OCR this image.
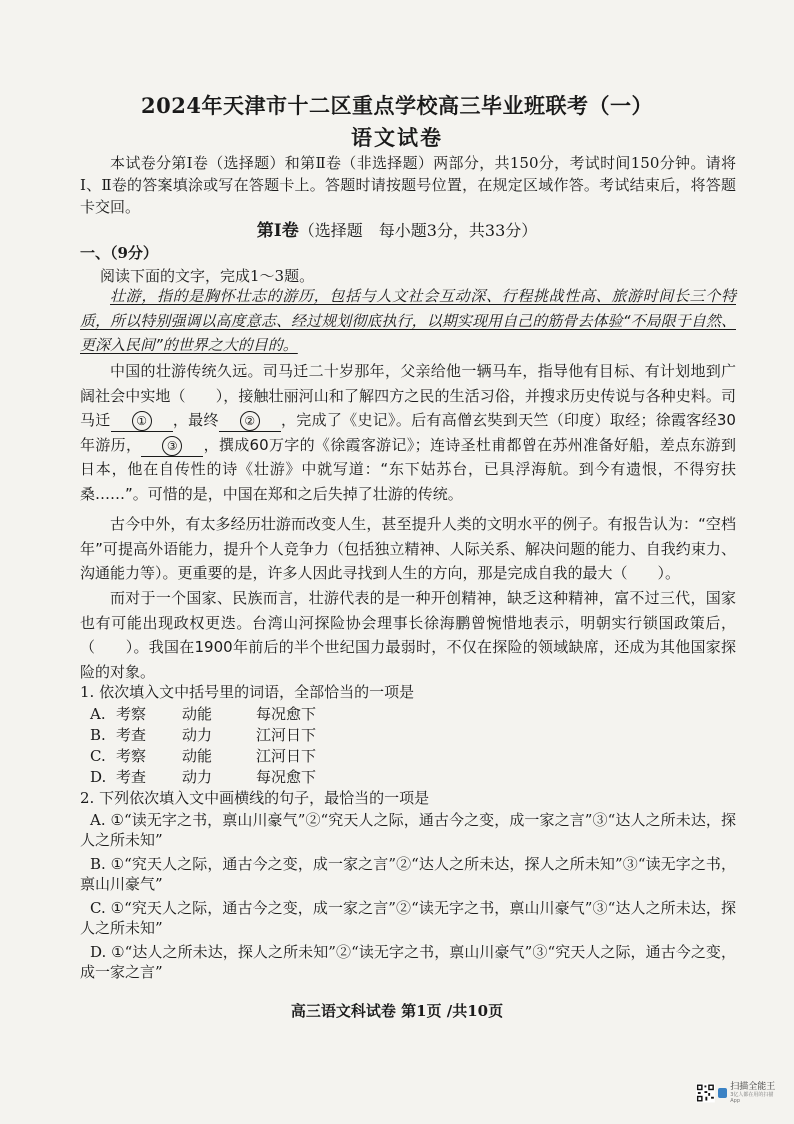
2024年天津市十二区重点学校高三毕业班联考（一）
语文试卷
本试卷分第Ⅰ卷（选择题）和第Ⅱ卷（非选择题）两部分，共150分，考试时间150分钟。请将Ⅰ、Ⅱ卷的答案填涂或写在答题卡上。答题时请按题号位置，在规定区域作答。考试结束后，将答题卡交回。
第Ⅰ卷（选择题　每小题3分，共33分）
一、（9分）
阅读下面的文字，完成1～3题。
壮游，指的是胸怀壮志的游历，包括与人文社会互动深、行程挑战性高、旅游时间长三个特质，所以特别强调以高度意志、经过规划彻底执行，以期实现用自己的筋骨去体验“不局限于自然、更深入民间”的世界之大的目的。
中国的壮游传统久远。司马迁二十岁那年，父亲给他一辆马车，指导他有目标、有计划地到广阔社会中实地（　　），接触壮丽河山和了解四方之民的生活习俗，并搜求历史传说与各种史料。司马迁 ① ，最终 ② ，完成了《史记》。后有高僧玄奘到天竺（印度）取经；徐霞客经30年游历， ③ ，撰成60万字的《徐霞客游记》；连诗圣杜甫都曾在苏州准备好船，差点东游到日本，他在自传性的诗《壮游》中就写道：“东下姑苏台，已具浮海航。到今有遗恨，不得穷扶桑……”。可惜的是，中国在郑和之后失掉了壮游的传统。
古今中外，有太多经历壮游而改变人生，甚至提升人类的文明水平的例子。有报告认为：“空档年”可提高外语能力，提升个人竞争力（包括独立精神、人际关系、解决问题的能力、自我约束力、沟通能力等）。更重要的是，许多人因此寻找到人生的方向，那是完成自我的最大（　　）。
而对于一个国家、民族而言，壮游代表的是一种开创精神，缺乏这种精神，富不过三代，国家也有可能出现政权更迭。台湾山河探险协会理事长徐海鹏曾惋惜地表示，明朝实行锁国政策后，（　　）。我国在1900年前后的半个世纪国力最弱时，不仅在探险的领域缺席，还成为其他国家探险的对象。
1. 依次填入文中括号里的词语，全部恰当的一项是
A. 考察 动能	每况愈下
B. 考查 动力	江河日下
C. 考察 动能	江河日下
D. 考查 动力	每况愈下
2. 下列依次填入文中画横线的句子，最恰当的一项是
A. ①“读无字之书，禀山川豪气”②“究天人之际，通古今之变，成一家之言”③“达人之所未达，探人之所未知”
B. ①“究天人之际，通古今之变，成一家之言”②“达人之所未达，探人之所未知”③“读无字之书，禀山川豪气”
C. ①“究天人之际，通古今之变，成一家之言”②“读无字之书，禀山川豪气”③“达人之所未达，探人之所未知”
D. ①“达人之所未达，探人之所未知”②“读无字之书，禀山川豪气”③“究天人之际，通古今之变，成一家之言”
高三语文科试卷 第1页 /共10页
扫描全能王
3亿人都在用的扫描App
